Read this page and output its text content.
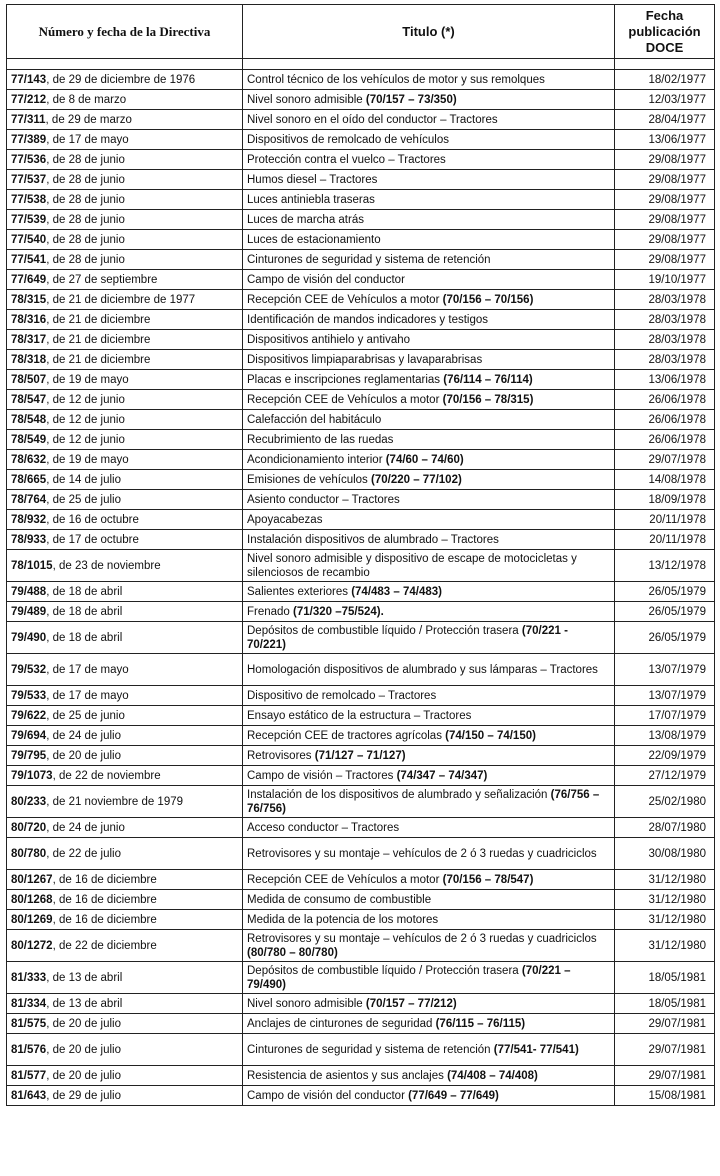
Número y fecha de la Directiva	Titulo (*)	Fecha
publicación
DOCE

77/143, de 29 de diciembre de 1976	Control técnico de los vehículos de motor y sus remolques	18/02/1977
77/212, de 8 de marzo	Nivel sonoro admisible (70/157 – 73/350)	12/03/1977
77/311, de 29 de marzo	Nivel sonoro en el oído del conductor – Tractores	28/04/1977
77/389, de 17 de mayo	Dispositivos de remolcado de vehículos	13/06/1977
77/536, de 28 de junio	Protección contra el vuelco – Tractores	29/08/1977
77/537, de 28 de junio	Humos diesel – Tractores	29/08/1977
77/538, de 28 de junio	Luces antiniebla traseras	29/08/1977
77/539, de 28 de junio	Luces de marcha atrás	29/08/1977
77/540, de 28 de junio	Luces de estacionamiento	29/08/1977
77/541, de 28 de junio	Cinturones de seguridad y sistema de retención	29/08/1977
77/649, de 27 de septiembre	Campo de visión del conductor	19/10/1977
78/315, de 21 de diciembre de 1977	Recepción CEE de Vehículos a motor (70/156 – 70/156)	28/03/1978
78/316, de 21 de diciembre	Identificación de mandos indicadores y testigos	28/03/1978
78/317, de 21 de diciembre	Dispositivos antihielo y antivaho	28/03/1978
78/318, de 21 de diciembre	Dispositivos limpiaparabrisas y lavaparabrisas	28/03/1978
78/507, de 19 de mayo	Placas e inscripciones reglamentarias (76/114 – 76/114)	13/06/1978
78/547, de 12 de junio	Recepción CEE de Vehículos a motor (70/156 – 78/315)	26/06/1978
78/548, de 12 de junio	Calefacción del habitáculo	26/06/1978
78/549, de 12 de junio	Recubrimiento de las ruedas	26/06/1978
78/632, de 19 de mayo	Acondicionamiento interior (74/60 – 74/60)	29/07/1978
78/665, de 14 de julio	Emisiones de vehículos (70/220 – 77/102)	14/08/1978
78/764, de 25 de julio	Asiento conductor – Tractores	18/09/1978
78/932, de 16 de octubre	Apoyacabezas	20/11/1978
78/933, de 17 de octubre	Instalación dispositivos de alumbrado – Tractores	20/11/1978
78/1015, de 23 de noviembre	Nivel sonoro admisible y dispositivo de escape de motocicletas y silenciosos de recambio	13/12/1978
79/488, de 18 de abril	Salientes exteriores (74/483 – 74/483)	26/05/1979
79/489, de 18 de abril	Frenado (71/320 –75/524).	26/05/1979
79/490, de 18 de abril	Depósitos de combustible líquido / Protección trasera (70/221 - 70/221)	26/05/1979
79/532, de 17 de mayo	Homologación dispositivos de alumbrado y sus lámparas – Tractores	13/07/1979
79/533, de 17 de mayo	Dispositivo de remolcado – Tractores	13/07/1979
79/622, de 25 de junio	Ensayo estático de la estructura – Tractores	17/07/1979
79/694, de 24 de julio	Recepción CEE de tractores agrícolas (74/150 – 74/150)	13/08/1979
79/795, de 20 de julio	Retrovisores (71/127 – 71/127)	22/09/1979
79/1073, de 22 de noviembre	Campo de visión – Tractores (74/347 – 74/347)	27/12/1979
80/233, de 21 noviembre de 1979	Instalación de los dispositivos de alumbrado y señalización (76/756 – 76/756)	25/02/1980
80/720, de 24 de junio	Acceso conductor – Tractores	28/07/1980
80/780, de 22 de julio	Retrovisores y su montaje – vehículos de 2 ó 3 ruedas y cuadriciclos	30/08/1980
80/1267, de 16 de diciembre	Recepción CEE de Vehículos a motor (70/156 – 78/547)	31/12/1980
80/1268, de 16 de diciembre	Medida de consumo de combustible	31/12/1980
80/1269, de 16 de diciembre	Medida de la potencia de los motores	31/12/1980
80/1272, de 22 de diciembre	Retrovisores y su montaje – vehículos de 2 ó 3 ruedas y cuadriciclos (80/780 – 80/780)	31/12/1980
81/333, de 13 de abril	Depósitos de combustible líquido / Protección trasera (70/221 – 79/490)	18/05/1981
81/334, de 13 de abril	Nivel sonoro admisible (70/157 – 77/212)	18/05/1981
81/575, de 20 de julio	Anclajes de cinturones de seguridad (76/115 – 76/115)	29/07/1981
81/576, de 20 de julio	Cinturones de seguridad y sistema de retención (77/541- 77/541)	29/07/1981
81/577, de 20 de julio	Resistencia de asientos y sus anclajes (74/408 – 74/408)	29/07/1981
81/643, de 29 de julio	Campo de visión del conductor (77/649 – 77/649)	15/08/1981
